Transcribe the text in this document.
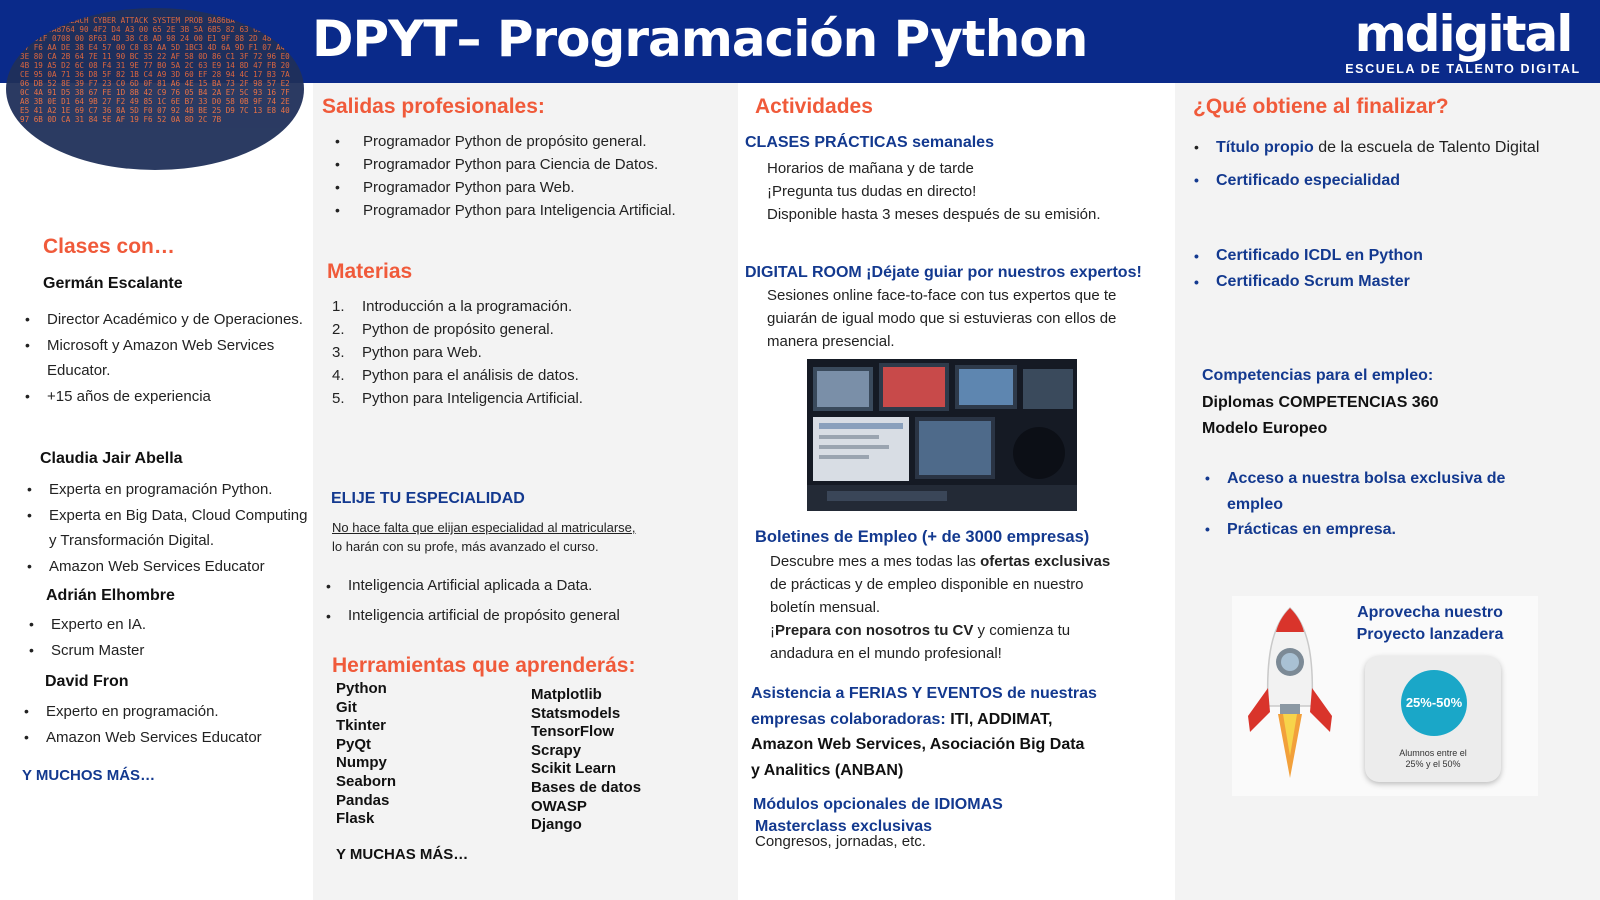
DPYT– Programación Python	mdigital
ESCUELA DE TALENTO DIGITAL
SECURITY BREACH CYBER ATTACK SYSTEM PROB 9A86BA 70 57AC17D9 36 8S 3A8764 90 4F2 D4 A3 00 65 2E 3B 5A 6B5 82 63 6E 50 FF 9EF61F 0708 00 8F63 4D 38 C8 AD 98 24 00 E1 9F 88 2D 48 83 D7 F6 AA DE 38 E4 57 00 C8 83 AA 5D 1BC3 4D 6A 9D F1 07 A4 3E 80 CA 2B 64 7E 11 90 BC 35 22 AF 58 0D 86 C1 3F 72 96 E0 4B 19 A5 D2 6C 08 F4 31 9E 77 B0 5A 2C 63 E9 14 8D 47 FB 20 CE 95 0A 71 36 D8 5F 82 1B C4 A9 3D 60 EF 28 94 4C 17 B3 7A 06 DB 52 8E 39 F7 23 C0 6D 0F 81 A6 4E 15 BA 73 2F 98 57 E2 0C 4A 91 D5 38 67 FE 1D 8B 42 C9 76 05 B4 2A E7 5C 93 16 7F A8 3B 0E D1 64 9B 27 F2 49 85 1C 6E B7 33 D0 58 0B 9F 74 2E E5 41 A2 1E 69 C7 36 8A 5D F0 07 92 4B BE 25 D9 7C 13 E8 40 97 6B 0D CA 31 84 5E AF 19 F6 52 0A 8D 2C 7B
Clases con…
Germán Escalante
• Director Académico y de Operaciones.
• Microsoft y Amazon Web Services Educator.
• +15 años de experiencia
Claudia Jair Abella
• Experta en programación Python.
• Experta en Big Data, Cloud Computing y Transformación Digital.
• Amazon Web Services Educator
Adrián Elhombre
• Experto en IA.
• Scrum Master
David Fron
• Experto en programación.
• Amazon Web Services Educator
Y MUCHOS MÁS…
Salidas profesionales:
• Programador Python de propósito general.
• Programador Python para Ciencia de Datos.
• Programador Python para Web.
• Programador Python para Inteligencia Artificial.
Materias
1. Introducción a la programación.
2. Python de propósito general.
3. Python para Web.
4. Python para el análisis de datos.
5. Python para Inteligencia Artificial.
ELIJE TU ESPECIALIDAD
No hace falta que elijan especialidad al matricularse,
lo harán con su profe, más avanzado el curso.
• Inteligencia Artificial aplicada a Data.
• Inteligencia artificial de propósito general
Herramientas que aprenderás:
Python
Git
Tkinter
PyQt
Numpy
Seaborn
Pandas
Flask
Matplotlib
Statsmodels
TensorFlow
Scrapy
Scikit Learn
Bases de datos
OWASP
Django
Y MUCHAS MÁS…
Actividades
CLASES PRÁCTICAS semanales
Horarios de mañana y de tarde
¡Pregunta tus dudas en directo!
Disponible hasta 3 meses después de su emisión.
DIGITAL ROOM ¡Déjate guiar por nuestros expertos!
Sesiones online face-to-face con tus expertos que te
guiarán de igual modo que si estuvieras con ellos de
manera presencial.
Boletines de Empleo (+ de 3000 empresas)
Descubre mes a mes todas las ofertas exclusivas
de prácticas y de empleo disponible en nuestro
boletín mensual.
¡Prepara con nosotros tu CV y comienza tu
andadura en el mundo profesional!
Asistencia a FERIAS Y EVENTOS de nuestras
empresas colaboradoras: ITI, ADDIMAT,
Amazon Web Services, Asociación Big Data
y Analitics (ANBAN)
Módulos opcionales de IDIOMAS
Masterclass exclusivas
Congresos, jornadas, etc.
¿Qué obtiene al finalizar?
• Título propio de la escuela de Talento Digital
• Certificado especialidad
• Certificado ICDL en Python
• Certificado Scrum Master
Competencias para el empleo:
Diplomas COMPETENCIAS 360
Modelo Europeo
• Acceso a nuestra bolsa exclusiva de empleo
• Prácticas en empresa.
Aprovecha nuestro
Proyecto lanzadera
25%-50%
Alumnos entre el
25% y el 50%
